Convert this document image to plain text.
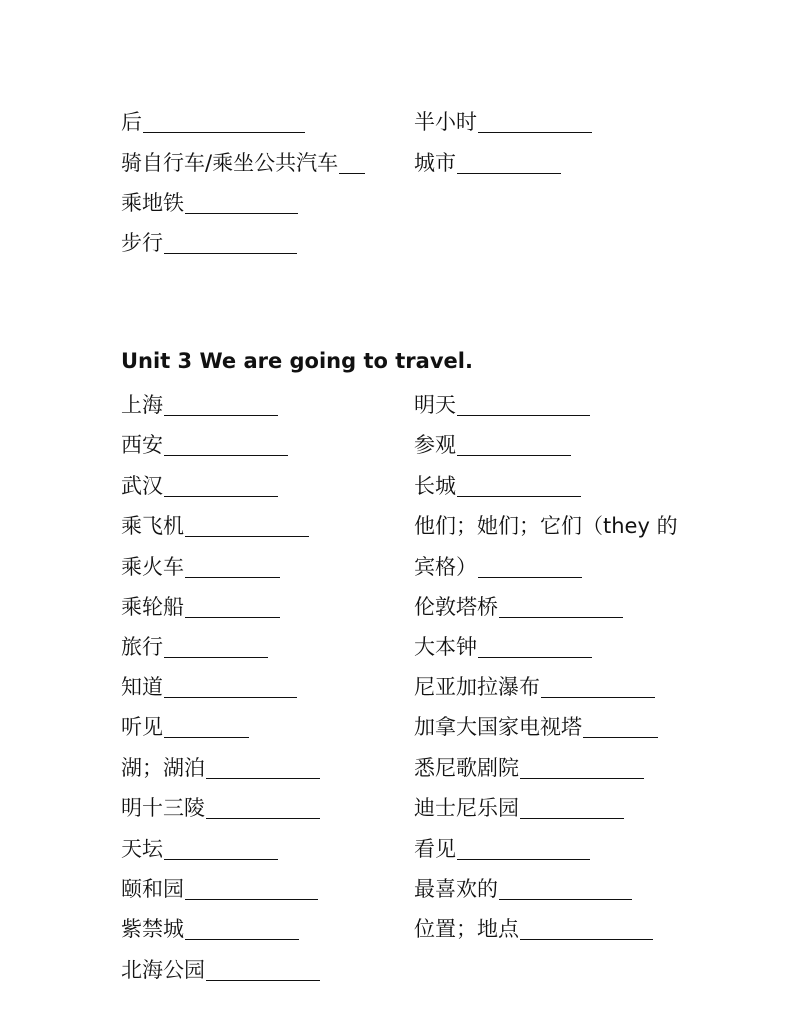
后
骑自行车/乘坐公共汽车
乘地铁
步行
半小时
城市
Unit 3 We are going to travel.
上海
西安
武汉
乘飞机
乘火车
乘轮船
旅行
知道
听见
湖；湖泊
明十三陵
天坛
颐和园
紫禁城
北海公园
明天
参观
长城
他们；她们；它们（they 的
宾格）
伦敦塔桥
大本钟
尼亚加拉瀑布
加拿大国家电视塔
悉尼歌剧院
迪士尼乐园
看见
最喜欢的
位置；地点
